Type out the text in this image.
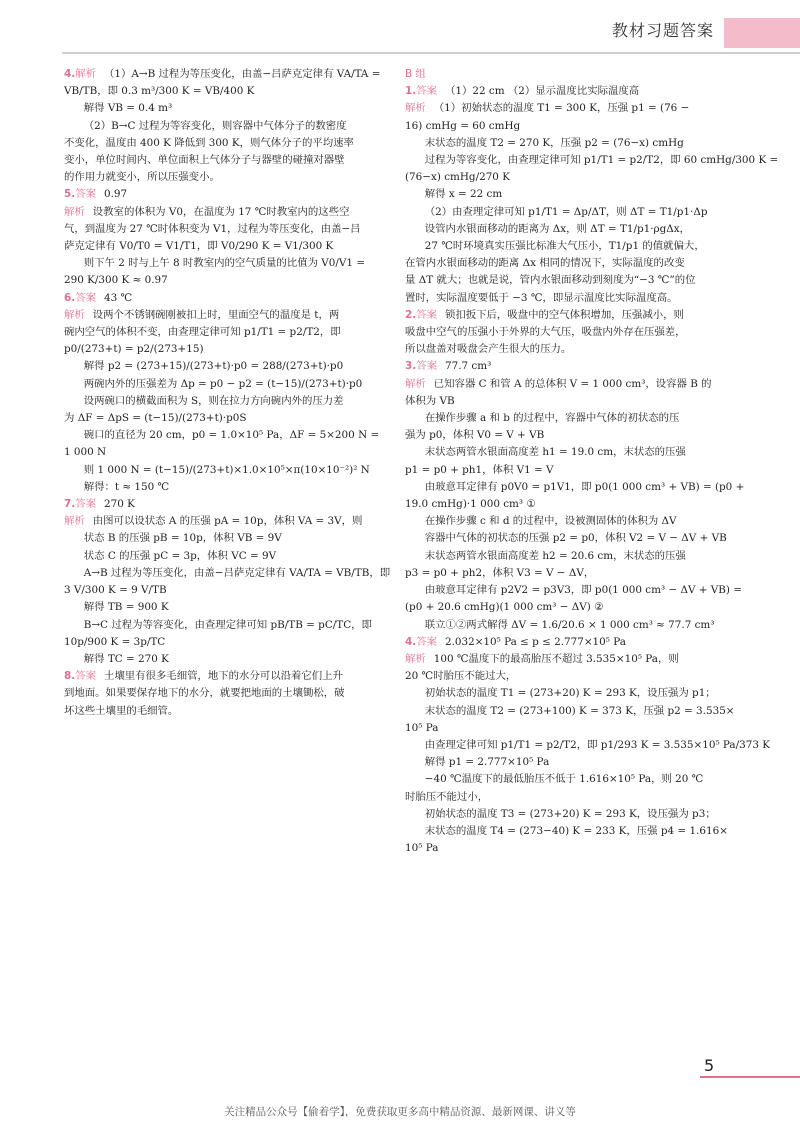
教材习题答案
4.解析 （1）A→B 过程为等压变化，由盖−吕萨克定律有 VA/TA =
VB/TB，即 0.3 m³/300 K = VB/400 K
解得 VB = 0.4 m³
（2）B→C 过程为等容变化，则容器中气体分子的数密度
不变化，温度由 400 K 降低到 300 K，则气体分子的平均速率
变小，单位时间内、单位面积上气体分子与器壁的碰撞对器壁
的作用力就变小，所以压强变小。
5.答案 0.97
解析 设教室的体积为 V0，在温度为 17 ℃时教室内的这些空
气，到温度为 27 ℃时体积变为 V1，过程为等压变化，由盖−吕
萨克定律有 V0/T0 = V1/T1，即 V0/290 K = V1/300 K
则下午 2 时与上午 8 时教室内的空气质量的比值为 V0/V1 =
290 K/300 K ≈ 0.97
6.答案 43 ℃
解析 设两个不锈钢碗刚被扣上时，里面空气的温度是 t，两
碗内空气的体积不变，由查理定律可知 p1/T1 = p2/T2，即
p0/(273+t) = p2/(273+15)
解得 p2 = (273+15)/(273+t)·p0 = 288/(273+t)·p0
两碗内外的压强差为 Δp = p0 − p2 = (t−15)/(273+t)·p0
设两碗口的横截面积为 S，则在拉力方向碗内外的压力差
为 ΔF = ΔpS = (t−15)/(273+t)·p0S
碗口的直径为 20 cm，p0 = 1.0×10⁵ Pa，ΔF = 5×200 N =
1 000 N
则 1 000 N = (t−15)/(273+t)×1.0×10⁵×π(10×10⁻²)² N
解得：t ≈ 150 ℃
7.答案 270 K
解析 由图可以设状态 A 的压强 pA = 10p，体积 VA = 3V，则
状态 B 的压强 pB = 10p，体积 VB = 9V
状态 C 的压强 pC = 3p，体积 VC = 9V
A→B 过程为等压变化，由盖−吕萨克定律有 VA/TA = VB/TB，即
3 V/300 K = 9 V/TB
解得 TB = 900 K
B→C 过程为等容变化，由查理定律可知 pB/TB = pC/TC，即
10p/900 K = 3p/TC
解得 TC = 270 K
8.答案 土壤里有很多毛细管，地下的水分可以沿着它们上升
到地面。如果要保存地下的水分，就要把地面的土壤锄松，破
坏这些土壤里的毛细管。
B 组
1.答案 （1）22 cm （2）显示温度比实际温度高
解析 （1）初始状态的温度 T1 = 300 K，压强 p1 = (76 −
16) cmHg = 60 cmHg
末状态的温度 T2 = 270 K，压强 p2 = (76−x) cmHg
过程为等容变化，由查理定律可知 p1/T1 = p2/T2，即 60 cmHg/300 K =
(76−x) cmHg/270 K
解得 x = 22 cm
（2）由查理定律可知 p1/T1 = Δp/ΔT，则 ΔT = T1/p1·Δp
设管内水银面移动的距离为 Δx，则 ΔT = T1/p1·ρgΔx，
27 ℃时环境真实压强比标准大气压小，T1/p1 的值就偏大，
在管内水银面移动的距离 Δx 相同的情况下，实际温度的改变
量 ΔT 就大；也就是说，管内水银面移动到刻度为“−3 ℃”的位
置时，实际温度要低于 −3 ℃，即显示温度比实际温度高。
2.答案 锁扣扳下后，吸盘中的空气体积增加，压强减小，则
吸盘中空气的压强小于外界的大气压，吸盘内外存在压强差，
所以盘盖对吸盘会产生很大的压力。
3.答案 77.7 cm³
解析 已知容器 C 和管 A 的总体积 V = 1 000 cm³，设容器 B 的
体积为 VB
在操作步骤 a 和 b 的过程中，容器中气体的初状态的压
强为 p0，体积 V0 = V + VB
末状态两管水银面高度差 h1 = 19.0 cm，末状态的压强
p1 = p0 + ph1，体积 V1 = V
由玻意耳定律有 p0V0 = p1V1，即 p0(1 000 cm³ + VB) = (p0 +
19.0 cmHg)·1 000 cm³ ①
在操作步骤 c 和 d 的过程中，设被测固体的体积为 ΔV
容器中气体的初状态的压强 p2 = p0，体积 V2 = V − ΔV + VB
末状态两管水银面高度差 h2 = 20.6 cm，末状态的压强
p3 = p0 + ph2，体积 V3 = V − ΔV，
由玻意耳定律有 p2V2 = p3V3，即 p0(1 000 cm³ − ΔV + VB) =
(p0 + 20.6 cmHg)(1 000 cm³ − ΔV) ②
联立①②两式解得 ΔV = 1.6/20.6 × 1 000 cm³ ≈ 77.7 cm³
4.答案 2.032×10⁵ Pa ≤ p ≤ 2.777×10⁵ Pa
解析 100 ℃温度下的最高胎压不超过 3.535×10⁵ Pa，则
20 ℃时胎压不能过大，
初始状态的温度 T1 = (273+20) K = 293 K，设压强为 p1；
末状态的温度 T2 = (273+100) K = 373 K，压强 p2 = 3.535×
10⁵ Pa
由查理定律可知 p1/T1 = p2/T2，即 p1/293 K = 3.535×10⁵ Pa/373 K
解得 p1 = 2.777×10⁵ Pa
−40 ℃温度下的最低胎压不低于 1.616×10⁵ Pa，则 20 ℃
时胎压不能过小，
初始状态的温度 T3 = (273+20) K = 293 K，设压强为 p3；
末状态的温度 T4 = (273−40) K = 233 K，压强 p4 = 1.616×
10⁵ Pa
5
关注精品公众号【偷着学】，免费获取更多高中精品资源、最新网课、讲义等
